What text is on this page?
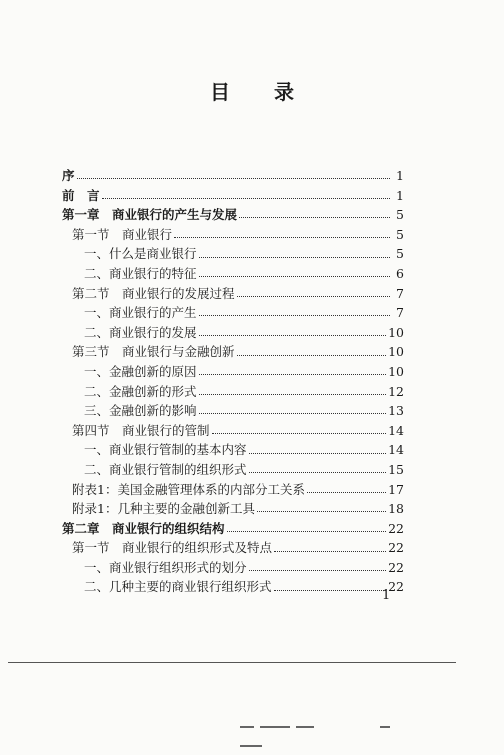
目 录
序	1
前　言	1
第一章　商业银行的产生与发展	5
第一节　商业银行	5
一、什么是商业银行	5
二、商业银行的特征	6
第二节　商业银行的发展过程	7
一、商业银行的产生	7
二、商业银行的发展	10
第三节　商业银行与金融创新	10
一、金融创新的原因	10
二、金融创新的形式	12
三、金融创新的影响	13
第四节　商业银行的管制	14
一、商业银行管制的基本内容	14
二、商业银行管制的组织形式	15
附表1：美国金融管理体系的内部分工关系	17
附录1：几种主要的金融创新工具	18
第二章　商业银行的组织结构	22
第一节　商业银行的组织形式及特点	22
一、商业银行组织形式的划分	22
二、几种主要的商业银行组织形式	22
1
